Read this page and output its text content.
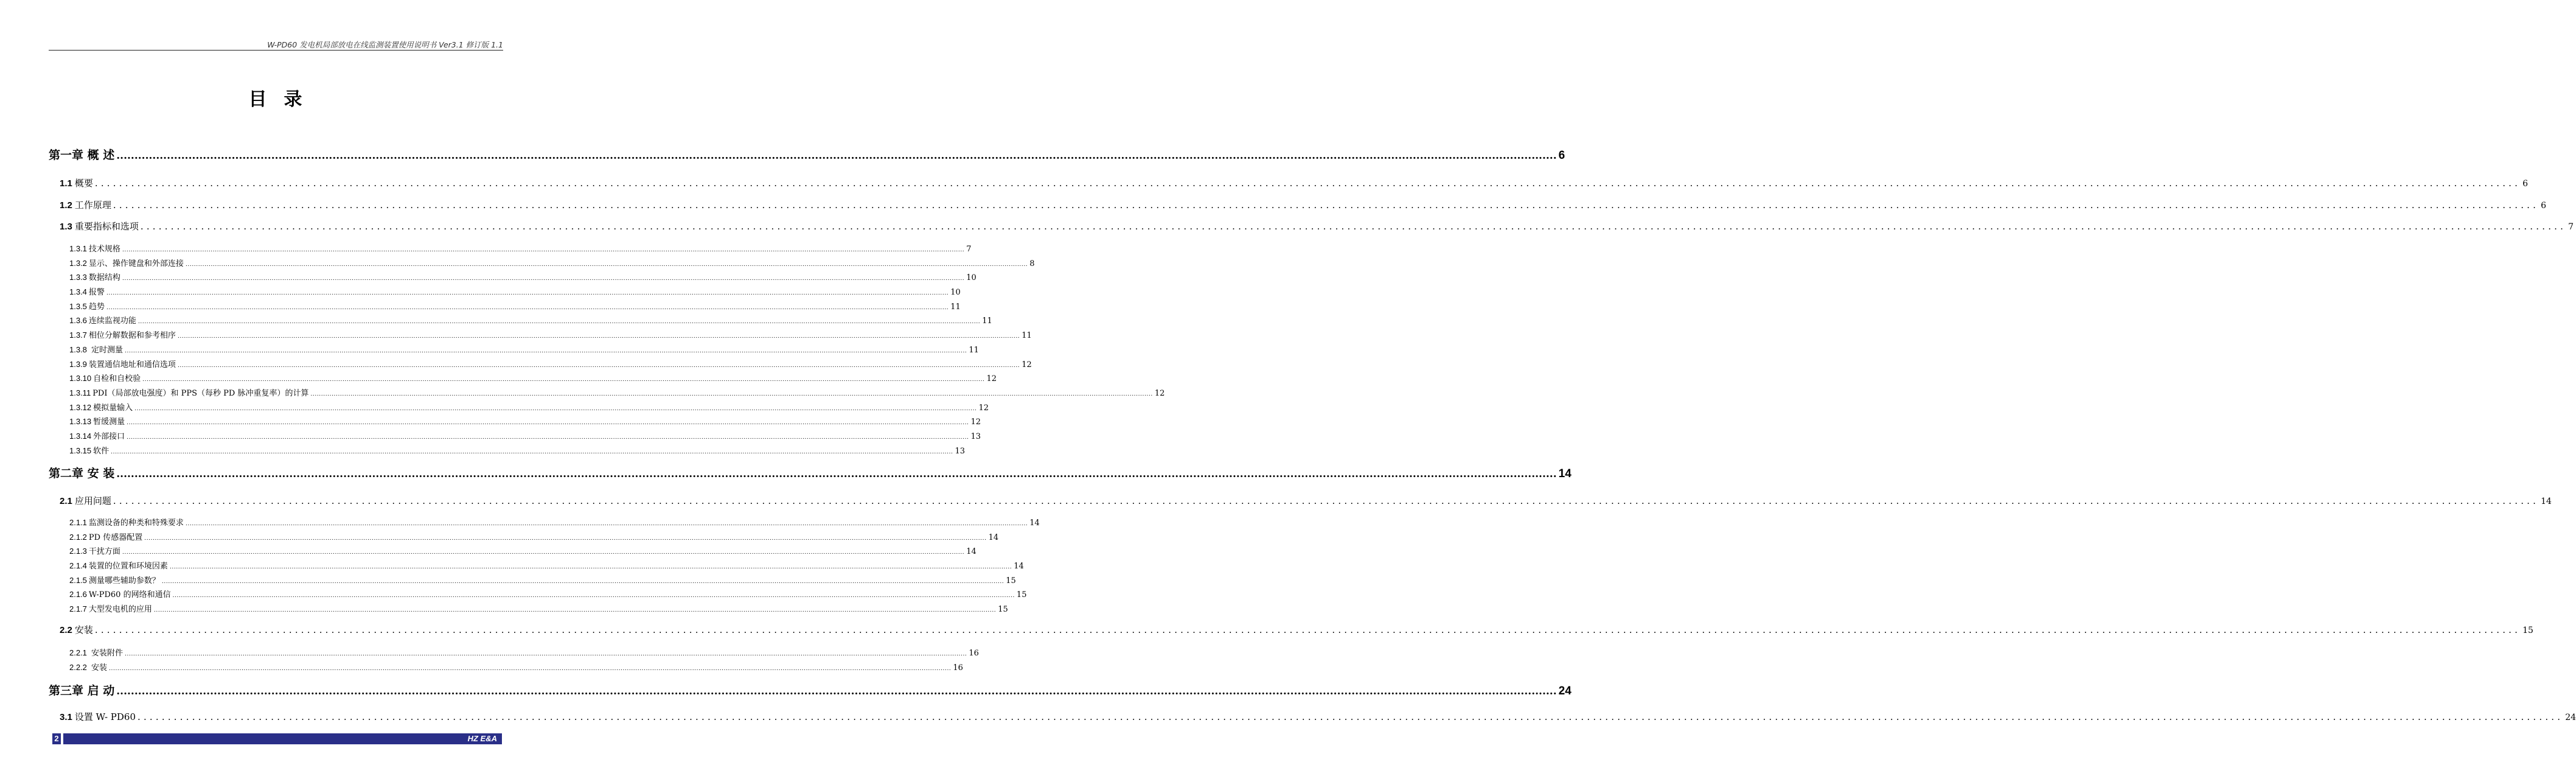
W-PD60 发电机局部放电在线监测装置使用说明书 Ver3.1 修订版 1.1
目录
第一章 概 述 ................................................................................................................................................................................................................................................................................................................................................................................................................ 6
1.1 概要 ................................................................................................................................................................................................................................................................................................................................................................................................................ 6
1.2 工作原理 ................................................................................................................................................................................................................................................................................................................................................................................................................ 6
1.3 重要指标和选项 ................................................................................................................................................................................................................................................................................................................................................................................................................ 7
1.3.1 技术规格 ................................................................................................................................................................................................................................................................................................................................................................................................................ 7
1.3.2 显示、操作键盘和外部连接 ................................................................................................................................................................................................................................................................................................................................................................................................................ 8
1.3.3 数据结构 ................................................................................................................................................................................................................................................................................................................................................................................................................ 10
1.3.4 报警 ................................................................................................................................................................................................................................................................................................................................................................................................................ 10
1.3.5 趋势 ................................................................................................................................................................................................................................................................................................................................................................................................................ 11
1.3.6 连续监视功能 ................................................................................................................................................................................................................................................................................................................................................................................................................ 11
1.3.7 相位分解数据和参考相序 ................................................................................................................................................................................................................................................................................................................................................................................................................ 11
1.3.8 定时测量 ................................................................................................................................................................................................................................................................................................................................................................................................................ 11
1.3.9 装置通信地址和通信选项 ................................................................................................................................................................................................................................................................................................................................................................................................................ 12
1.3.10 自检和自校验 ................................................................................................................................................................................................................................................................................................................................................................................................................ 12
1.3.11 PDI（局部放电强度）和 PPS（每秒 PD 脉冲重复率）的计算 ................................................................................................................................................................................................................................................................................................................................................................................................................ 12
1.3.12 模拟量输入 ................................................................................................................................................................................................................................................................................................................................................................................................................ 12
1.3.13 暂缓测量 ................................................................................................................................................................................................................................................................................................................................................................................................................ 12
1.3.14 外部接口 ................................................................................................................................................................................................................................................................................................................................................................................................................ 13
1.3.15 软件 ................................................................................................................................................................................................................................................................................................................................................................................................................ 13
第二章 安 装 ................................................................................................................................................................................................................................................................................................................................................................................................................ 14
2.1 应用问题 ................................................................................................................................................................................................................................................................................................................................................................................................................ 14
2.1.1 监测设备的种类和特殊要求 ................................................................................................................................................................................................................................................................................................................................................................................................................ 14
2.1.2 PD 传感器配置 ................................................................................................................................................................................................................................................................................................................................................................................................................ 14
2.1.3 干扰方面 ................................................................................................................................................................................................................................................................................................................................................................................................................ 14
2.1.4 装置的位置和环境因素 ................................................................................................................................................................................................................................................................................................................................................................................................................ 14
2.1.5 测量哪些辅助参数？ ................................................................................................................................................................................................................................................................................................................................................................................................................ 15
2.1.6 W-PD60 的网络和通信 ................................................................................................................................................................................................................................................................................................................................................................................................................ 15
2.1.7 大型发电机的应用 ................................................................................................................................................................................................................................................................................................................................................................................................................ 15
2.2 安装 ................................................................................................................................................................................................................................................................................................................................................................................................................ 15
2.2.1 安装附件 ................................................................................................................................................................................................................................................................................................................................................................................................................ 16
2.2.2 安装 ................................................................................................................................................................................................................................................................................................................................................................................................................ 16
第三章 启 动 ................................................................................................................................................................................................................................................................................................................................................................................................................ 24
3.1 设置 W- PD60 ................................................................................................................................................................................................................................................................................................................................................................................................................ 24
2	HZ E&A
